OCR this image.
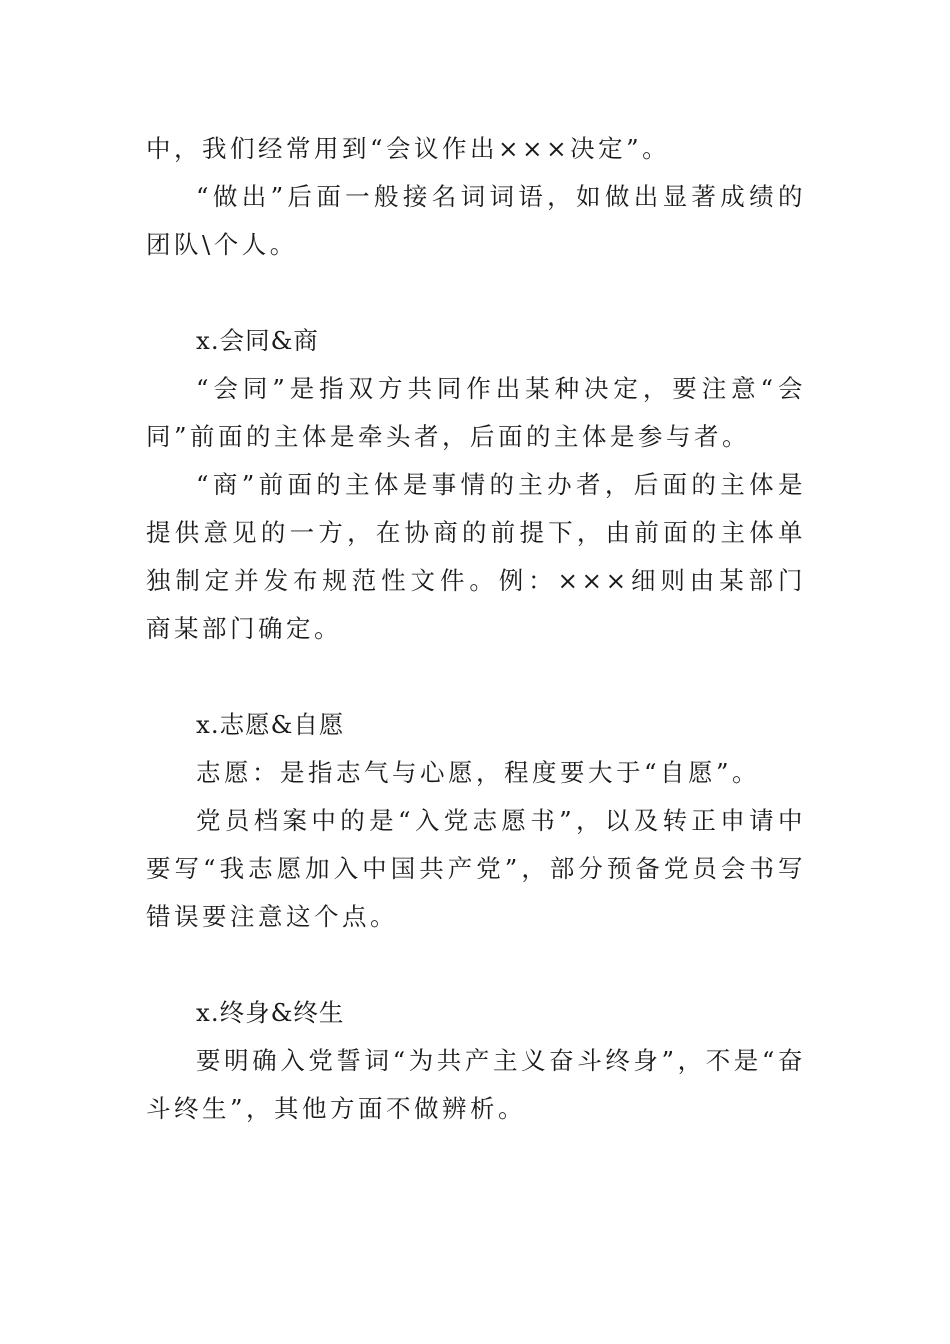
中，我们经常用到“会议作出×××决定”。

“做出”后面一般接名词词语，如做出显著成绩的团队\个人。

x.会同&商

“会同”是指双方共同作出某种决定，要注意“会同”前面的主体是牵头者，后面的主体是参与者。

“商”前面的主体是事情的主办者，后面的主体是提供意见的一方，在协商的前提下，由前面的主体单独制定并发布规范性文件。例：×××细则由某部门商某部门确定。

x.志愿&自愿

志愿：是指志气与心愿，程度要大于“自愿”。

党员档案中的是“入党志愿书”，以及转正申请中要写“我志愿加入中国共产党”，部分预备党员会书写错误要注意这个点。

x.终身&终生

要明确入党誓词“为共产主义奋斗终身”，不是“奋斗终生”，其他方面不做辨析。
